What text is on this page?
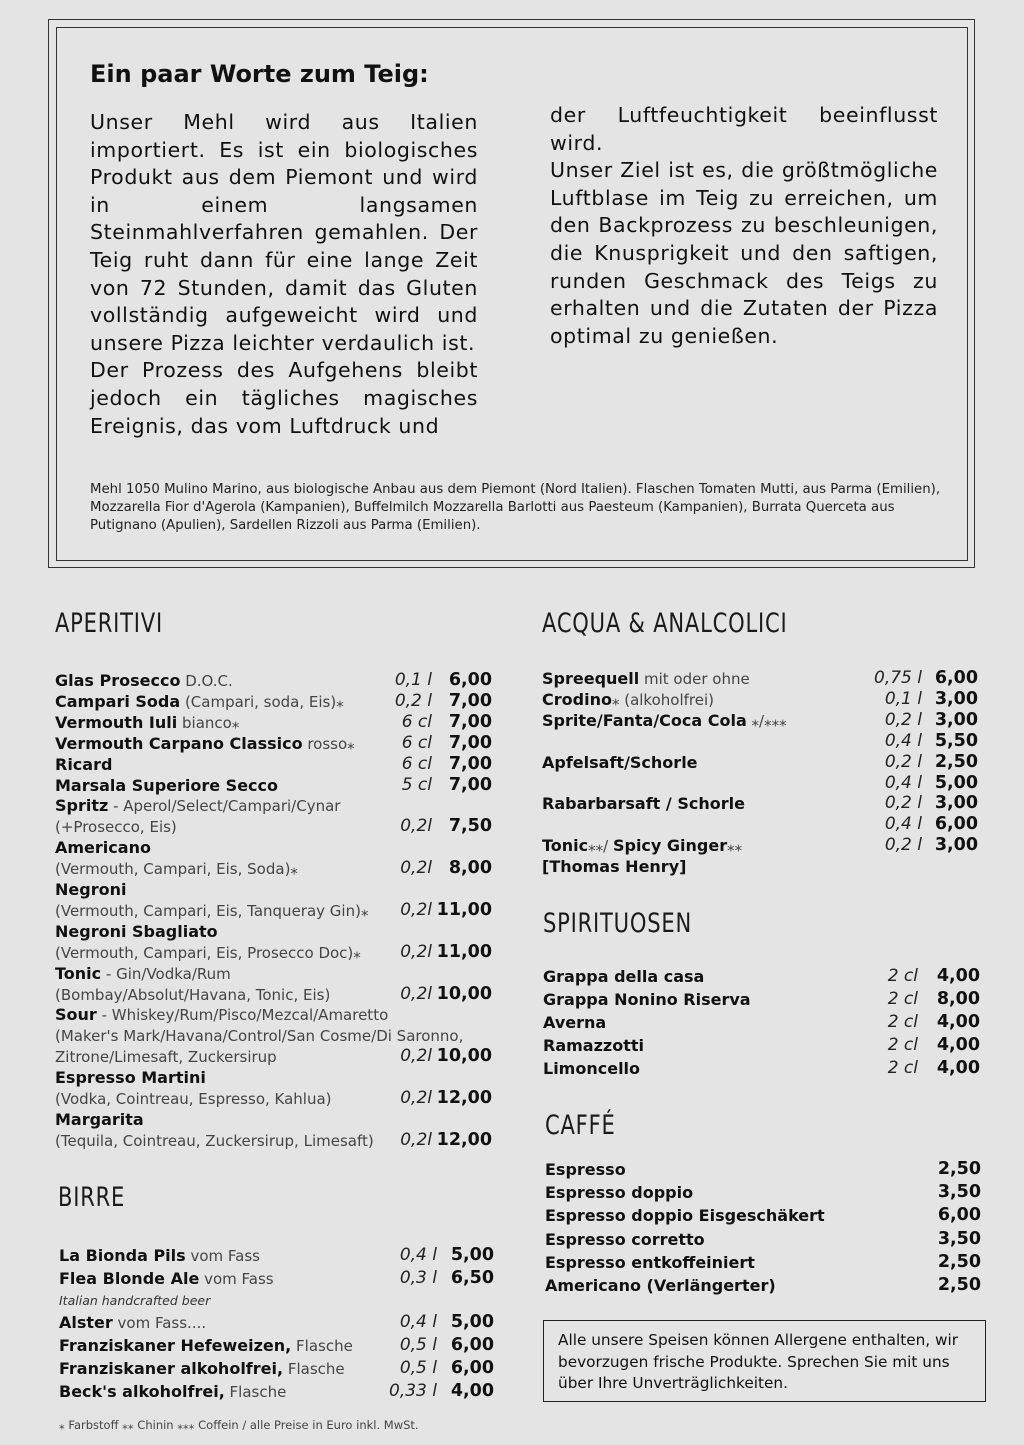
Ein paar Worte zum Teig:
Unser Mehl wird aus Italien importiert. Es ist ein biologisches Produkt aus dem Piemont und wird in einem langsamen Steinmahlverfahren gemahlen. Der Teig ruht dann für eine lange Zeit von 72 Stunden, damit das Gluten vollständig aufgeweicht wird und unsere Pizza leichter verdaulich ist.
Der Prozess des Aufgehens bleibt jedoch ein tägliches magisches Ereignis, das vom Luftdruck und
der Luftfeuchtigkeit beeinflusst wird.
Unser Ziel ist es, die größtmögliche Luftblase im Teig zu erreichen, um den Backprozess zu beschleunigen, die Knusprigkeit und den saftigen, runden Geschmack des Teigs zu erhalten und die Zutaten der Pizza optimal zu genießen.
Mehl 1050 Mulino Marino, aus biologische Anbau aus dem Piemont (Nord Italien). Flaschen Tomaten Mutti, aus Parma (Emilien), Mozzarella Fior d'Agerola (Kampanien), Buffelmilch Mozzarella Barlotti aus Paesteum (Kampanien), Burrata Querceta aus Putignano (Apulien), Sardellen Rizzoli aus Parma (Emilien).
APERITIVI
Glas Prosecco D.O.C.	0,1 l 6,00
Campari Soda (Campari, soda, Eis)⁎	0,2 l 7,00
Vermouth Iuli bianco⁎	6 cl 7,00
Vermouth Carpano Classico rosso⁎	6 cl 7,00
Ricard	6 cl 7,00
Marsala Superiore Secco	5 cl 7,00
Spritz - Aperol/Select/Campari/Cynar
(+Prosecco, Eis)	0,2l 7,50
Americano
(Vermouth, Campari, Eis, Soda)⁎	0,2l 8,00
Negroni
(Vermouth, Campari, Eis, Tanqueray Gin)⁎	0,2l 11,00
Negroni Sbagliato
(Vermouth, Campari, Eis, Prosecco Doc)⁎	0,2l 11,00
Tonic - Gin/Vodka/Rum
(Bombay/Absolut/Havana, Tonic, Eis)	0,2l 10,00
Sour - Whiskey/Rum/Pisco/Mezcal/Amaretto
(Maker's Mark/Havana/Control/San Cosme/Di Saronno,
Zitrone/Limesaft, Zuckersirup	0,2l 10,00
Espresso Martini
(Vodka, Cointreau, Espresso, Kahlua)	0,2l 12,00
Margarita
(Tequila, Cointreau, Zuckersirup, Limesaft)	0,2l 12,00
BIRRE
La Bionda Pils vom Fass	0,4 l 5,00
Flea Blonde Ale vom Fass	0,3 l 6,50
Alster vom Fass....	0,4 l 5,00
Franziskaner Hefeweizen, Flasche	0,5 l 6,00
Franziskaner alkoholfrei, Flasche	0,5 l 6,00
Beck's alkoholfrei, Flasche	0,33 l 4,00
Italian handcrafted beer
ACQUA & ANALCOLICI
Spreequell mit oder ohne	0,75 l 6,00
Crodino⁎ (alkoholfrei)	0,1 l 3,00
Sprite/Fanta/Coca Cola ⁎/⁎⁎⁎	0,2 l 3,00
0,4 l 5,50
Apfelsaft/Schorle	0,2 l 2,50
0,4 l 5,00
Rabarbarsaft / Schorle	0,2 l 3,00
0,4 l 6,00
Tonic⁎⁎/ Spicy Ginger⁎⁎	0,2 l 3,00
[Thomas Henry]
SPIRITUOSEN
Grappa della casa	2 cl	4,00
Grappa Nonino Riserva	2 cl	8,00
Averna	2 cl	4,00
Ramazzotti	2 cl	4,00
Limoncello	2 cl	4,00
CAFFÉ
Espresso	2,50
Espresso doppio	3,50
Espresso doppio Eisgeschäkert	6,00
Espresso corretto	3,50
Espresso entkoffeiniert	2,50
Americano (Verlängerter)	2,50
Alle unsere Speisen können Allergene enthalten, wir bevorzugen frische Produkte. Sprechen Sie mit uns über Ihre Unverträglichkeiten.
⁎ Farbstoff ⁎⁎ Chinin ⁎⁎⁎ Coffein / alle Preise in Euro inkl. MwSt.
